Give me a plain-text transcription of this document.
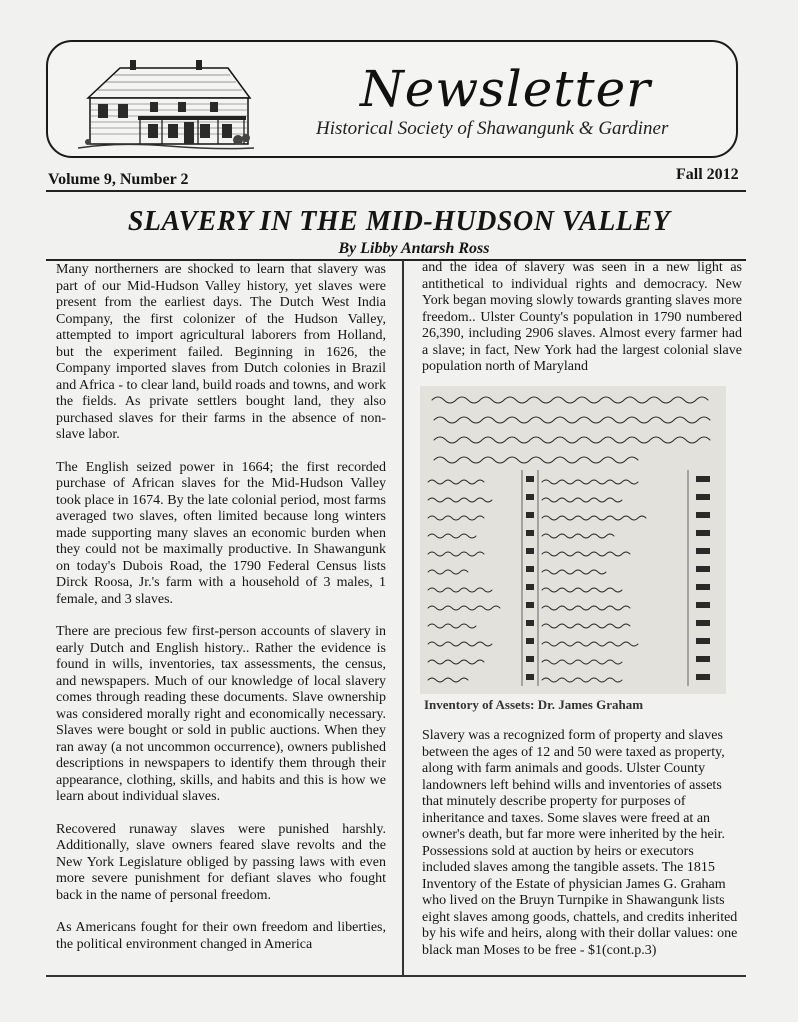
Newsletter
Historical Society of Shawangunk & Gardiner
Volume 9, Number 2	Fall 2012
SLAVERY IN THE MID-HUDSON VALLEY
By Libby Antarsh Ross

Many northerners are shocked to learn that slavery was part of our Mid-Hudson Valley history, yet slaves were present from the earliest days. The Dutch West India Company, the first colonizer of the Hudson Valley, attempted to import agricultural laborers from Holland, but the experiment failed. Beginning in 1626, the Company imported slaves from Dutch colonies in Brazil and Africa - to clear land, build roads and towns, and work the fields. As private settlers bought land, they also purchased slaves for their farms in the absence of non-slave labor.

The English seized power in 1664; the first recorded purchase of African slaves for the Mid-Hudson Valley took place in 1674. By the late colonial period, most farms averaged two slaves, often limited because long winters made supporting many slaves an economic burden when they could not be maximally productive. In Shawangunk on today's Dubois Road, the 1790 Federal Census lists Dirck Roosa, Jr.'s farm with a household of 3 males, 1 female, and 3 slaves.

There are precious few first-person accounts of slavery in early Dutch and English history.. Rather the evidence is found in wills, inventories, tax assessments, the census, and newspapers. Much of our knowledge of local slavery comes through reading these documents. Slave ownership was considered morally right and economically necessary. Slaves were bought or sold in public auctions. When they ran away (a not uncommon occurrence), owners published descriptions in newspapers to identify them through their appearance, clothing, skills, and habits and this is how we learn about individual slaves.

Recovered runaway slaves were punished harshly. Additionally, slave owners feared slave revolts and the New York Legislature obliged by passing laws with even more severe punishment for defiant slaves who fought back in the name of personal freedom.

As Americans fought for their own freedom and liberties, the political environment changed in America

and the idea of slavery was seen in a new light as antithetical to individual rights and democracy. New York began moving slowly towards granting slaves more freedom.. Ulster County's population in 1790 numbered 26,390, including 2906 slaves. Almost every farmer had a slave; in fact, New York had the largest colonial slave population north of Maryland

Inventory of Assets: Dr. James Graham

Slavery was a recognized form of property and slaves between the ages of 12 and 50 were taxed as property, along with farm animals and goods. Ulster County landowners left behind wills and inventories of assets that minutely describe property for purposes of inheritance and taxes. Some slaves were freed at an owner's death, but far more were inherited by the heir. Possessions sold at auction by heirs or executors included slaves among the tangible assets. The 1815 Inventory of the Estate of physician James G. Graham who lived on the Bruyn Turnpike in Shawangunk lists eight slaves among goods, chattels, and credits inherited by his wife and heirs, along with their dollar values: one black man Moses to be free - $1(cont.p.3)
